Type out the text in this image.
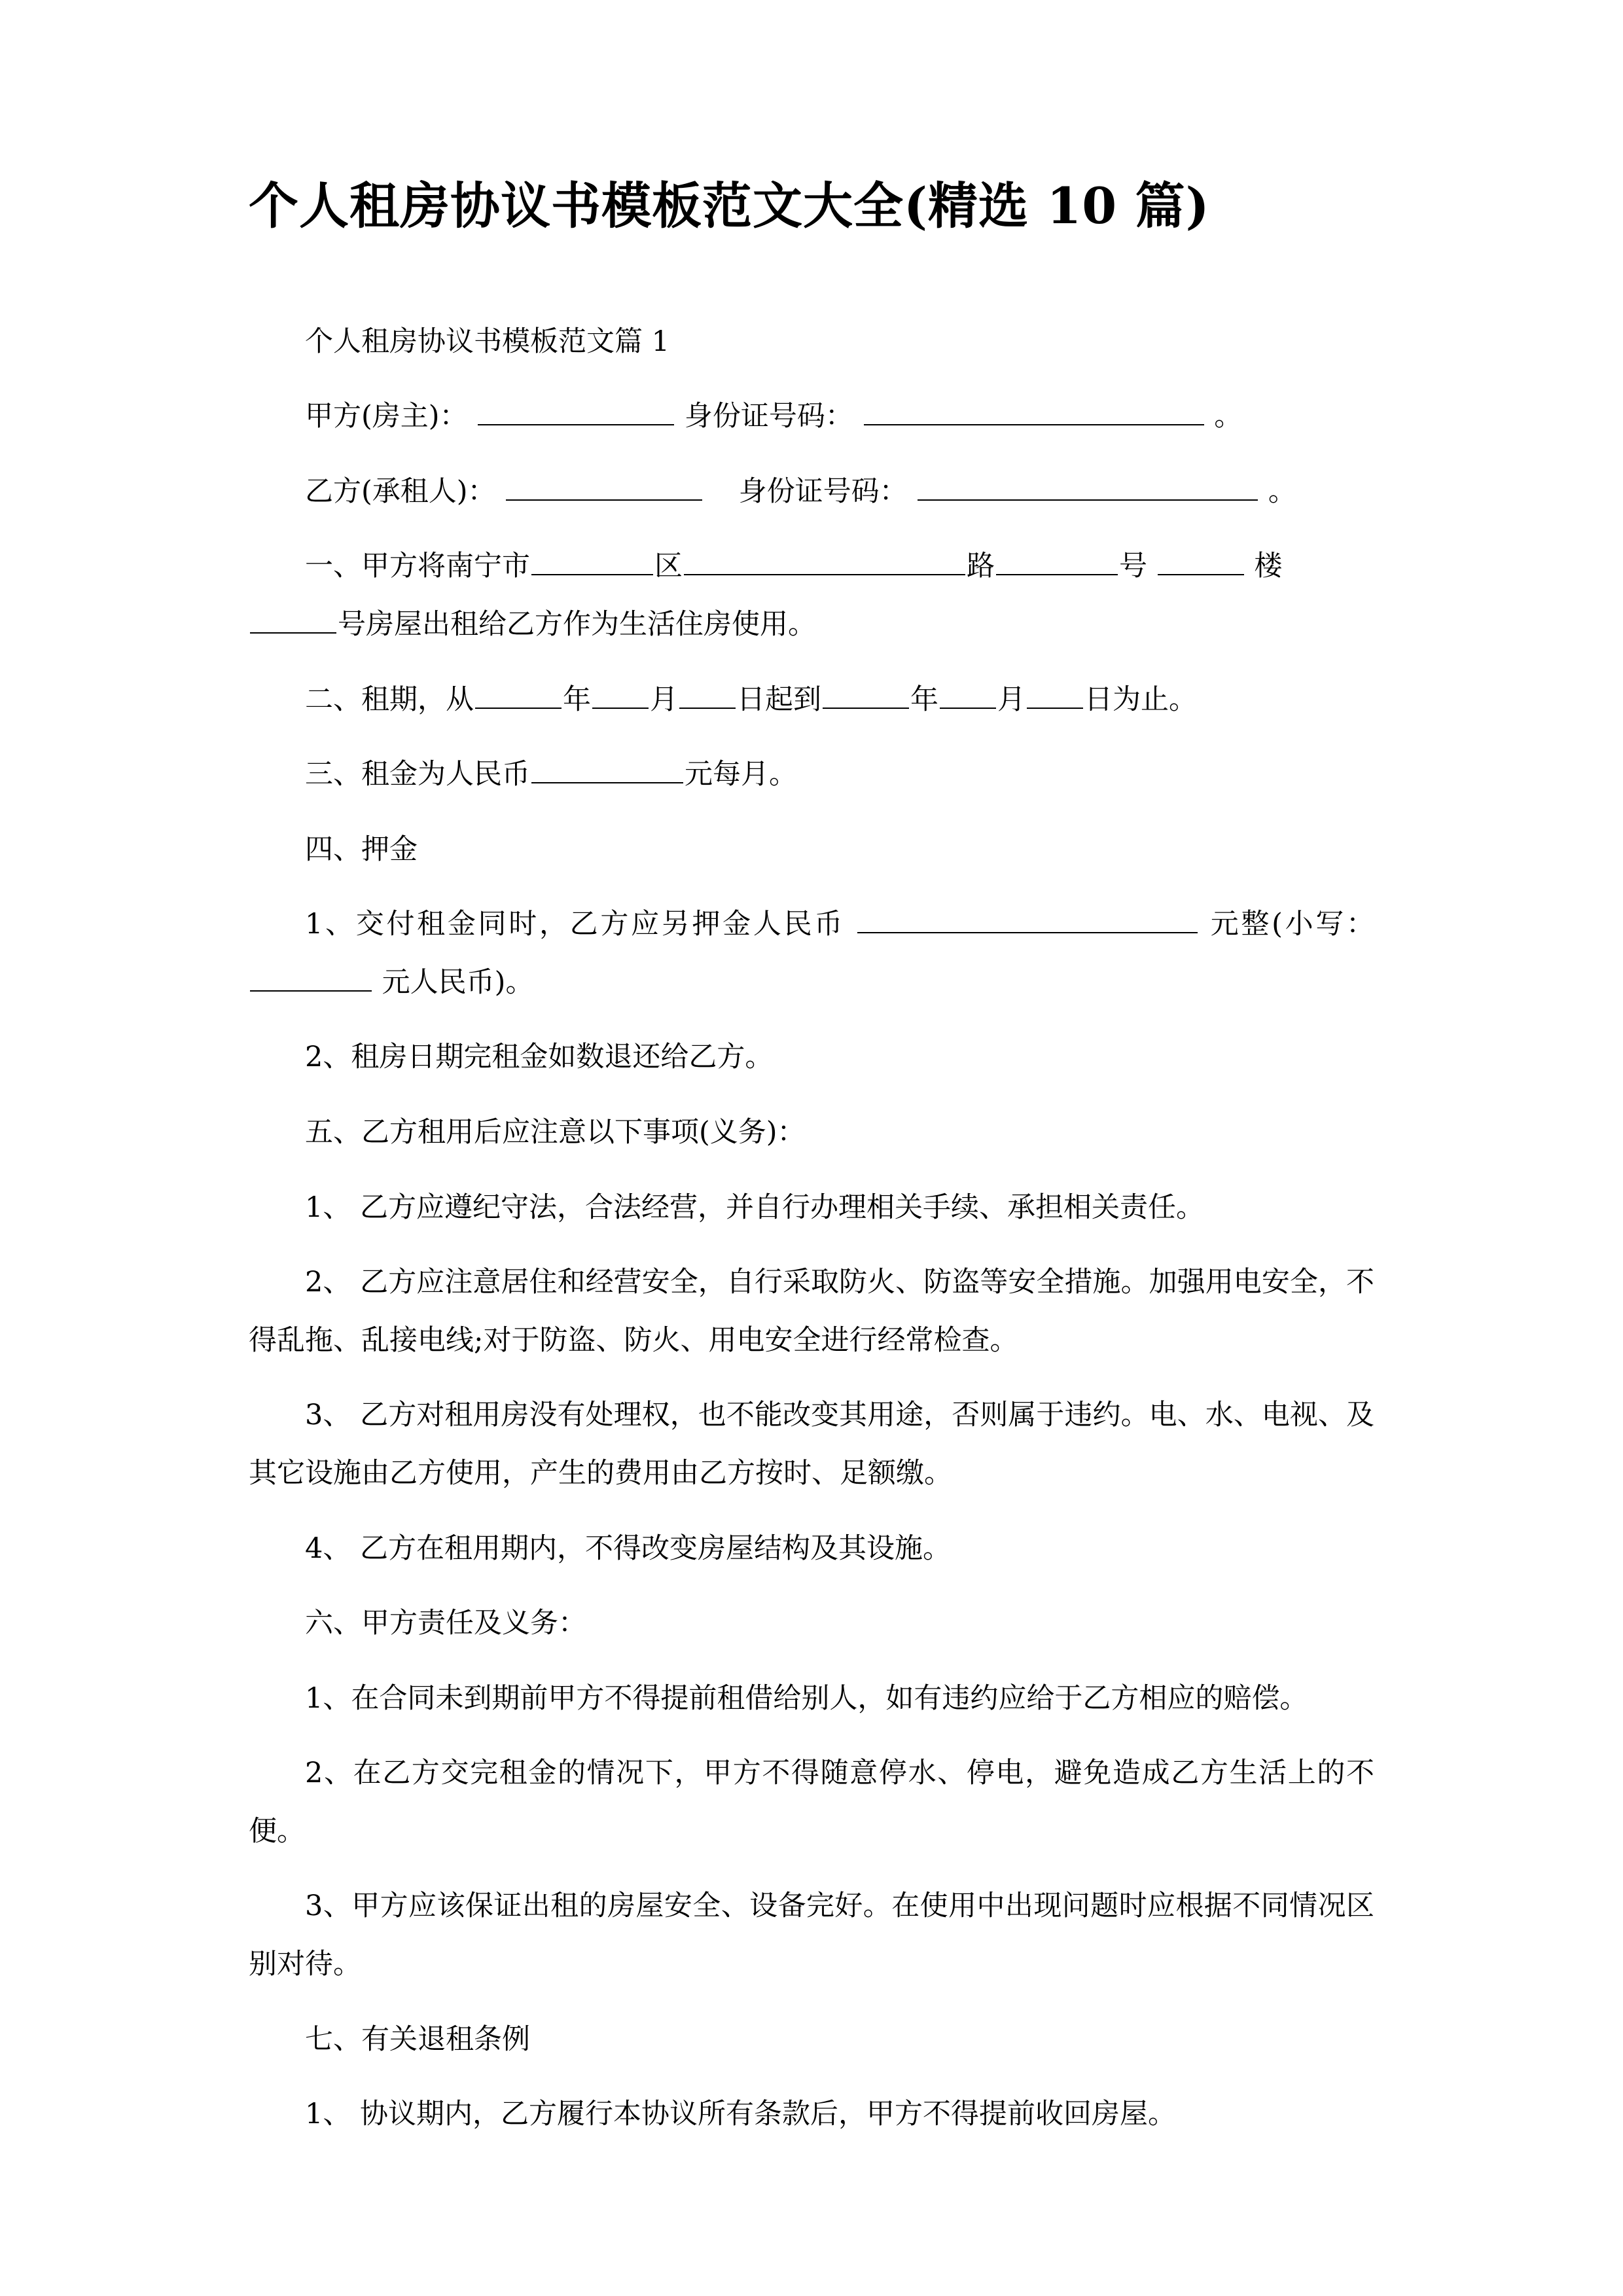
个人租房协议书模板范文大全(精选 10 篇)

个人租房协议书模板范文篇 1

甲方(房主)：	身份证号码：	。

乙方(承租人)：	身份证号码：	。

一、甲方将南宁市	区	路	号	楼
号房屋出租给乙方作为生活住房使用。

二、租期，从	年 月 日起到	年 月 日为止。

三、租金为人民币	元每月。

四、押金

1、交付租金同时，乙方应另押金人民币	元整(小写：  元人民币)。

2、租房日期完租金如数退还给乙方。

五、乙方租用后应注意以下事项(义务)：

1、 乙方应遵纪守法，合法经营，并自行办理相关手续、承担相关责任。

2、 乙方应注意居住和经营安全，自行采取防火、防盗等安全措施。加强用电安全，不得乱拖、乱接电线;对于防盗、防火、用电安全进行经常检查。

3、 乙方对租用房没有处理权，也不能改变其用途，否则属于违约。电、水、电视、及其它设施由乙方使用，产生的费用由乙方按时、足额缴。

4、 乙方在租用期内，不得改变房屋结构及其设施。

六、甲方责任及义务：

1、在合同未到期前甲方不得提前租借给别人，如有违约应给于乙方相应的赔偿。

2、在乙方交完租金的情况下，甲方不得随意停水、停电，避免造成乙方生活上的不便。

3、甲方应该保证出租的房屋安全、设备完好。在使用中出现问题时应根据不同情况区别对待。

七、有关退租条例

1、 协议期内，乙方履行本协议所有条款后，甲方不得提前收回房屋。
